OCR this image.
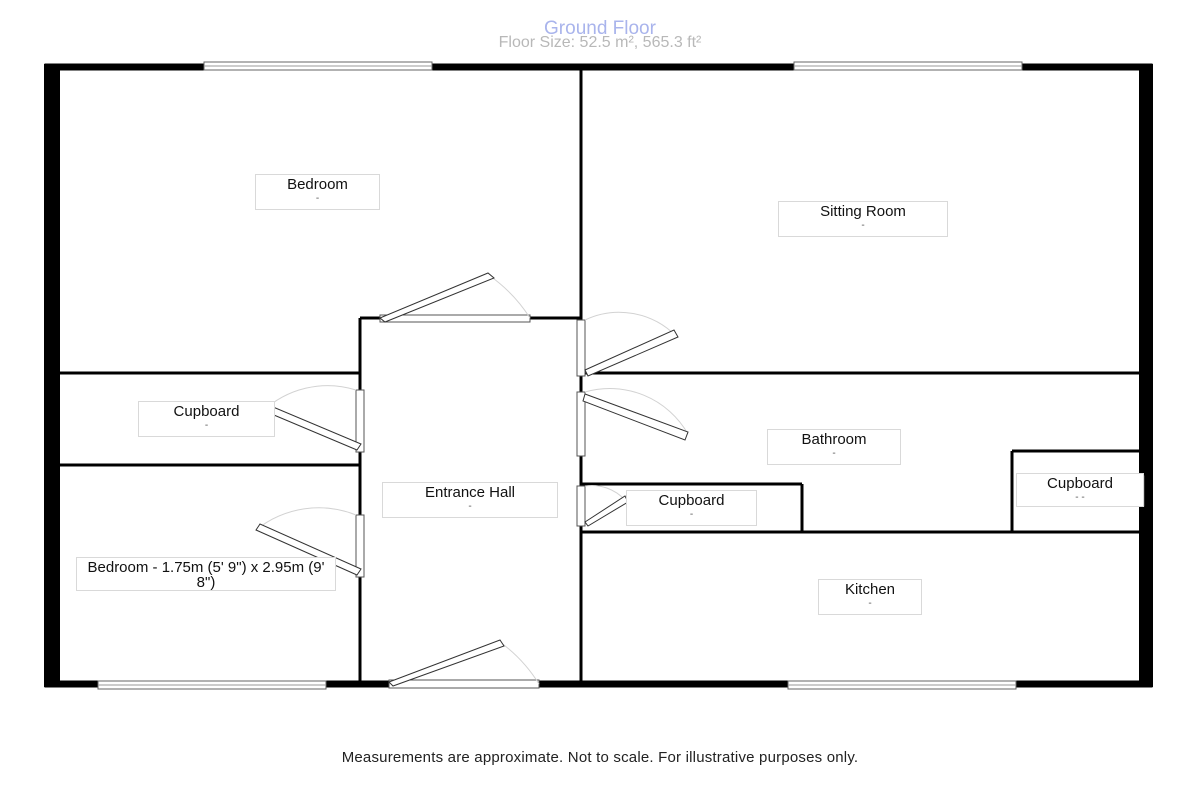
Ground Floor
Floor Size: 52.5 m², 565.3 ft²
Bedroom
-
Sitting Room
-
Cupboard
-
Bathroom
-
Entrance Hall
-	Cupboard
-
Cupboard
- -
Bedroom - 1.75m (5' 9") x 2.95m (9' 8")	Kitchen
-
Measurements are approximate. Not to scale. For illustrative purposes only.
